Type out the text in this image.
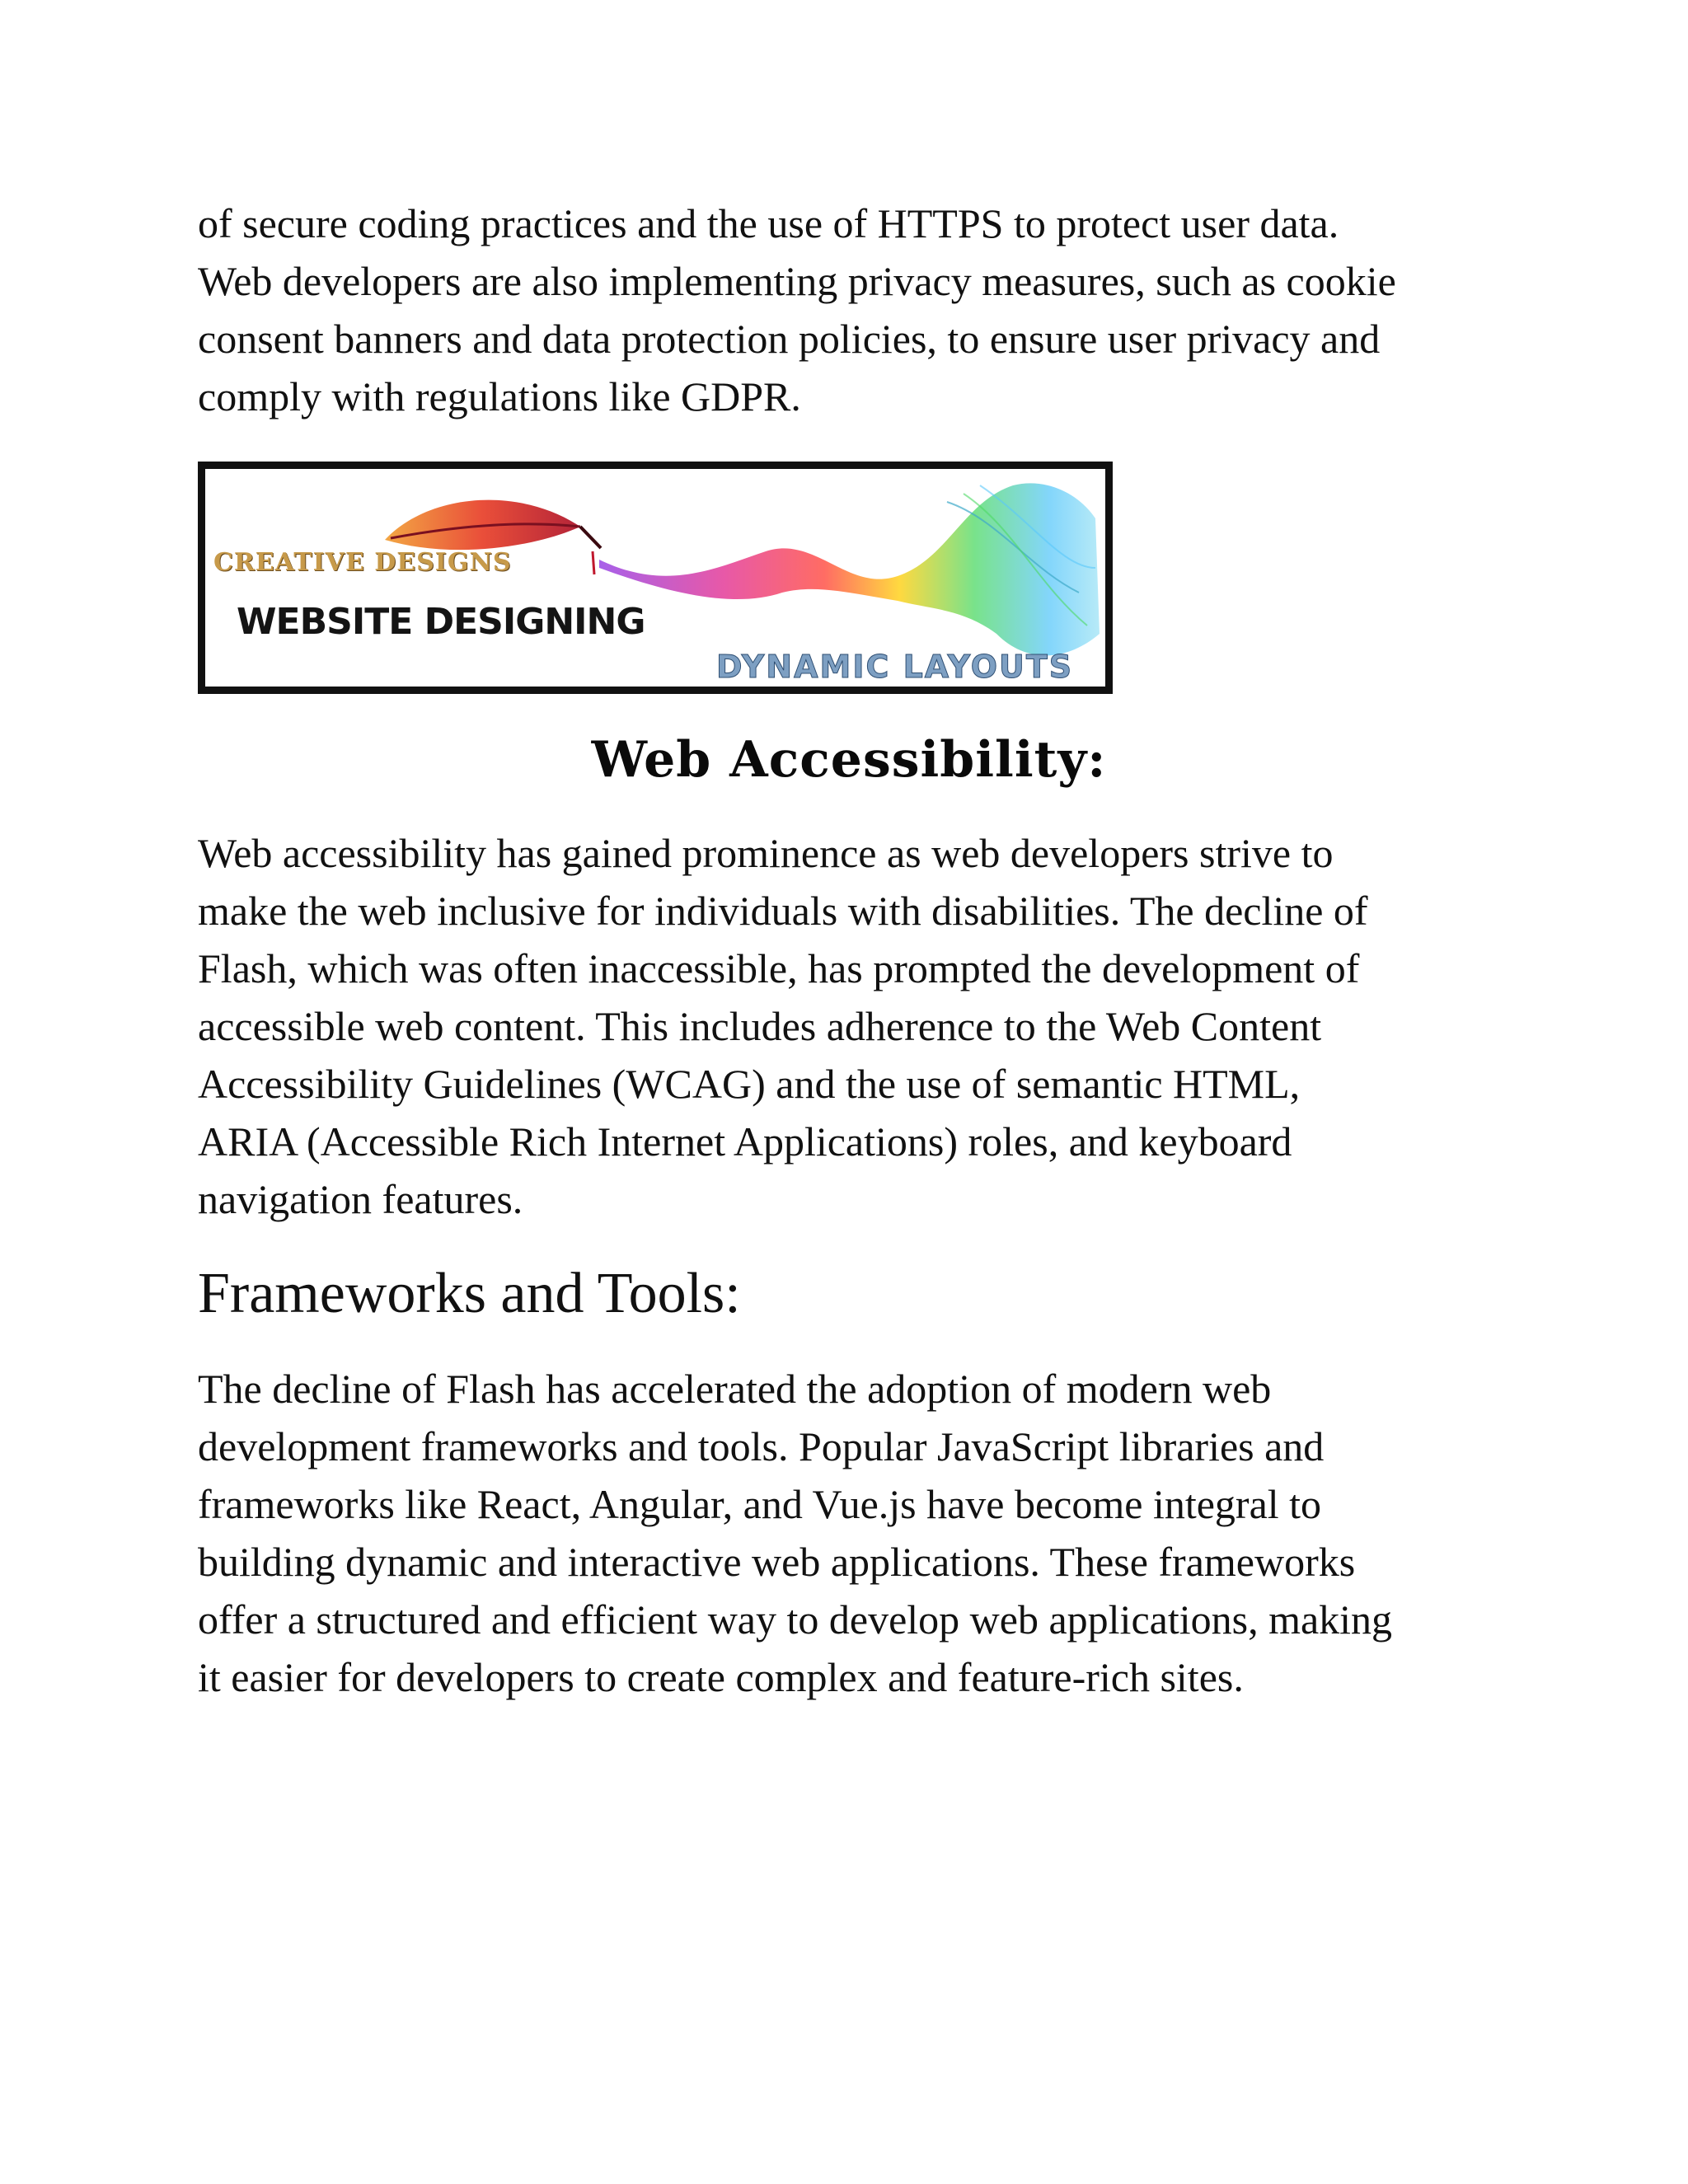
of secure coding practices and the use of HTTPS to protect user data.
Web developers are also implementing privacy measures, such as cookie
consent banners and data protection policies, to ensure user privacy and
comply with regulations like GDPR.

CREATIVE DESIGNS
WEBSITE DESIGNING
DYNAMIC LAYOUTS
Web Accessibility:

Web accessibility has gained prominence as web developers strive to
make the web inclusive for individuals with disabilities. The decline of
Flash, which was often inaccessible, has prompted the development of
accessible web content. This includes adherence to the Web Content
Accessibility Guidelines (WCAG) and the use of semantic HTML,
ARIA (Accessible Rich Internet Applications) roles, and keyboard
navigation features.

Frameworks and Tools:

The decline of Flash has accelerated the adoption of modern web
development frameworks and tools. Popular JavaScript libraries and
frameworks like React, Angular, and Vue.js have become integral to
building dynamic and interactive web applications. These frameworks
offer a structured and efficient way to develop web applications, making
it easier for developers to create complex and feature-rich sites.
